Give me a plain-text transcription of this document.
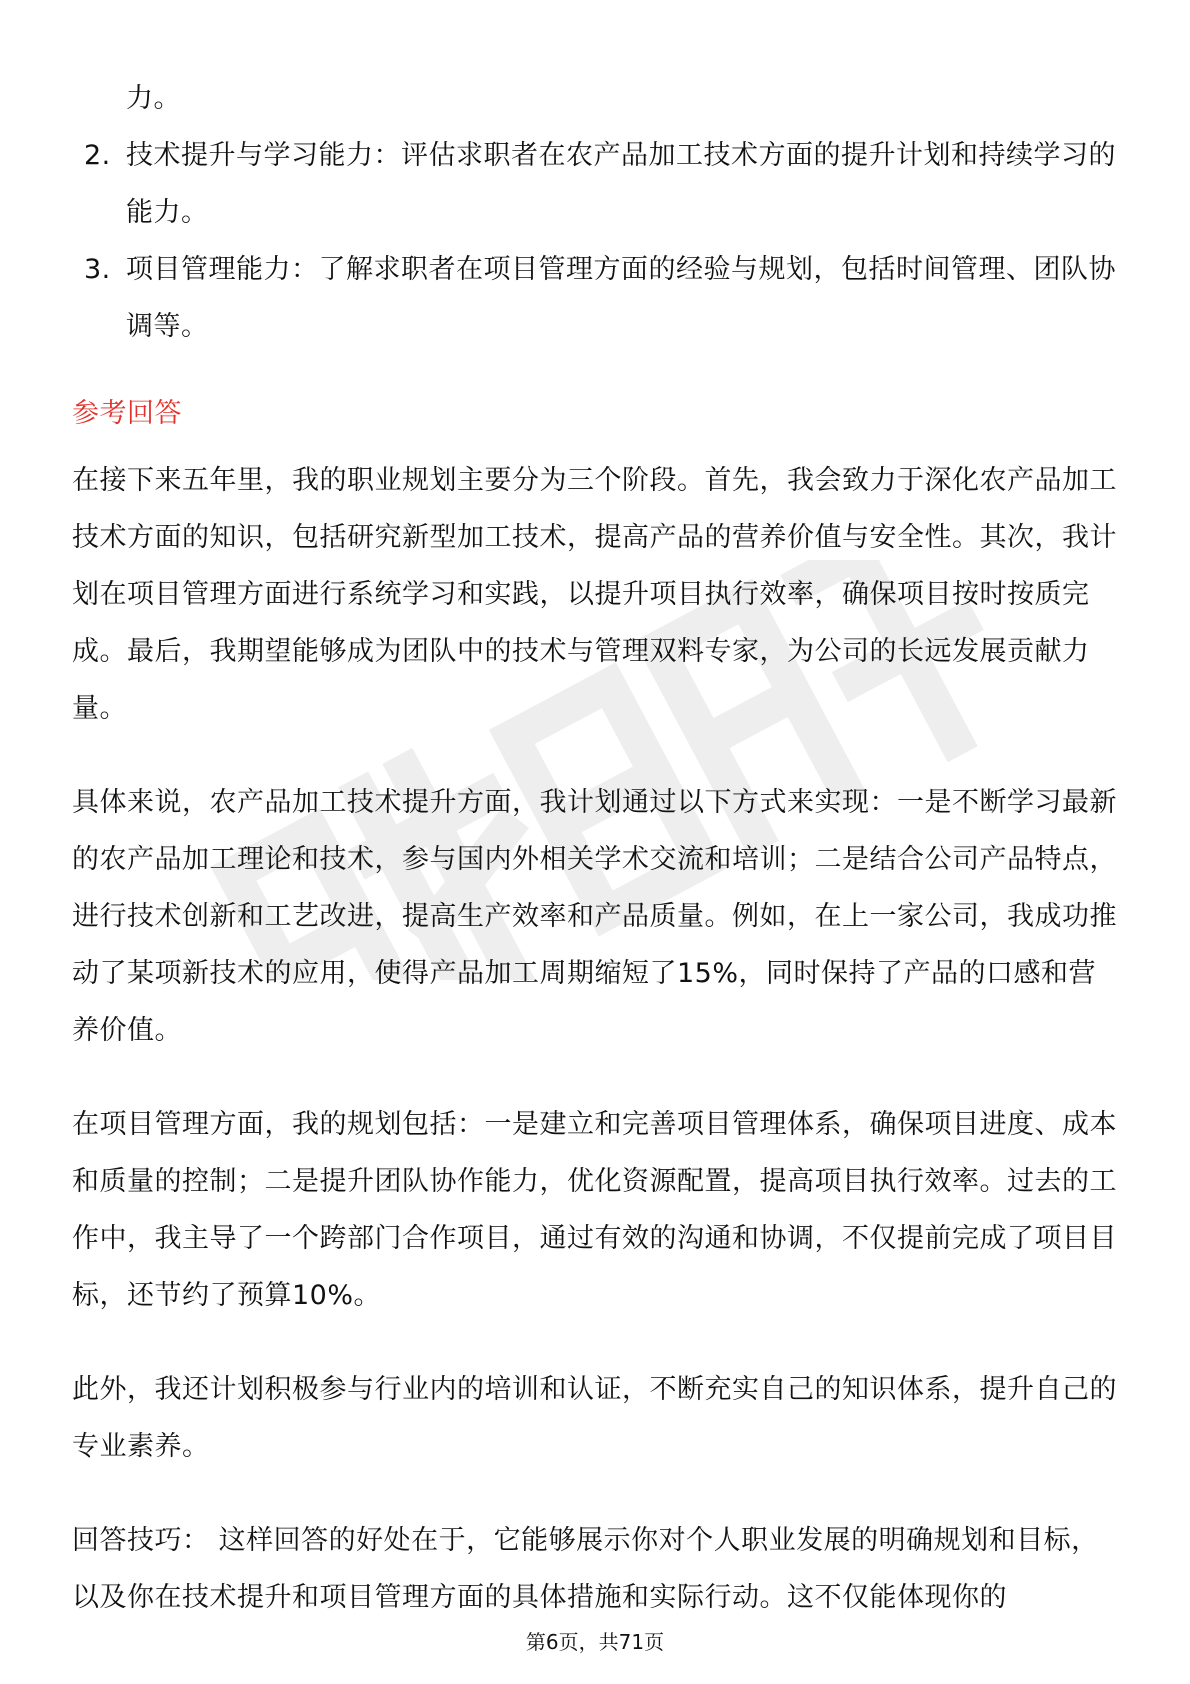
力。

2. 技术提升与学习能力：评估求职者在农产品加工技术方面的提升计划和持续学习的能力。
3. 项目管理能力：了解求职者在项目管理方面的经验与规划，包括时间管理、团队协调等。
参考回答

在接下来五年里，我的职业规划主要分为三个阶段。首先，我会致力于深化农产品加工技术方面的知识，包括研究新型加工技术，提高产品的营养价值与安全性。其次，我计划在项目管理方面进行系统学习和实践，以提升项目执行效率，确保项目按时按质完成。最后，我期望能够成为团队中的技术与管理双料专家，为公司的长远发展贡献力量。

具体来说，农产品加工技术提升方面，我计划通过以下方式来实现：一是不断学习最新的农产品加工理论和技术，参与国内外相关学术交流和培训；二是结合公司产品特点，进行技术创新和工艺改进，提高生产效率和产品质量。例如，在上一家公司，我成功推动了某项新技术的应用，使得产品加工周期缩短了15%，同时保持了产品的口感和营养价值。

在项目管理方面，我的规划包括：一是建立和完善项目管理体系，确保项目进度、成本和质量的控制；二是提升团队协作能力，优化资源配置，提高项目执行效率。过去的工作中，我主导了一个跨部门合作项目，通过有效的沟通和协调，不仅提前完成了项目目标，还节约了预算10%。

此外，我还计划积极参与行业内的培训和认证，不断充实自己的知识体系，提升自己的专业素养。

回答技巧： 这样回答的好处在于，它能够展示你对个人职业发展的明确规划和目标，以及你在技术提升和项目管理方面的具体措施和实际行动。这不仅能体现你的

第6页，共71页
